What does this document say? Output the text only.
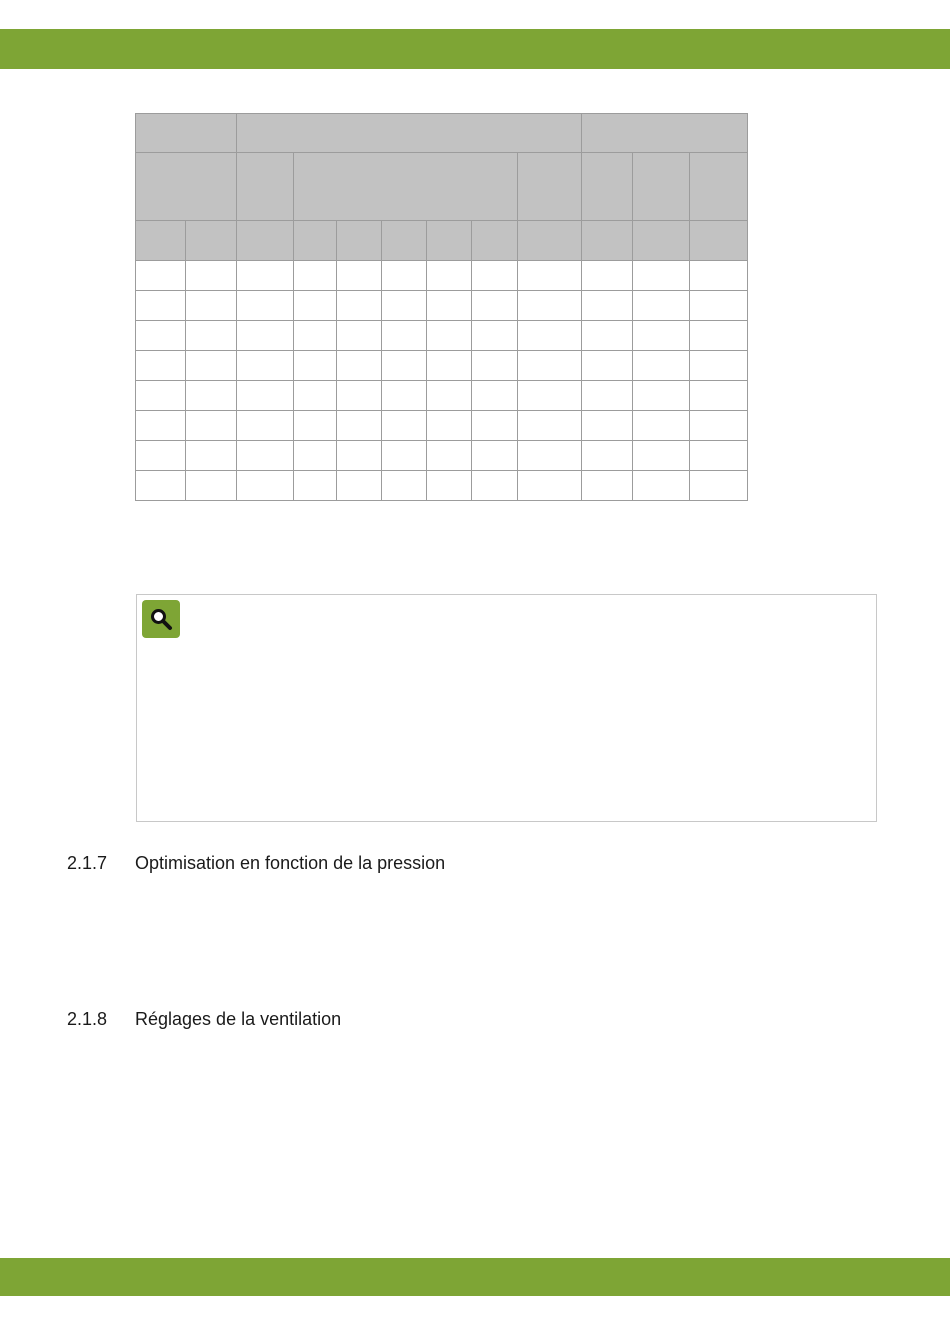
2.1.7 Optimisation en fonction de la pression
2.1.8 Réglages de la ventilation
